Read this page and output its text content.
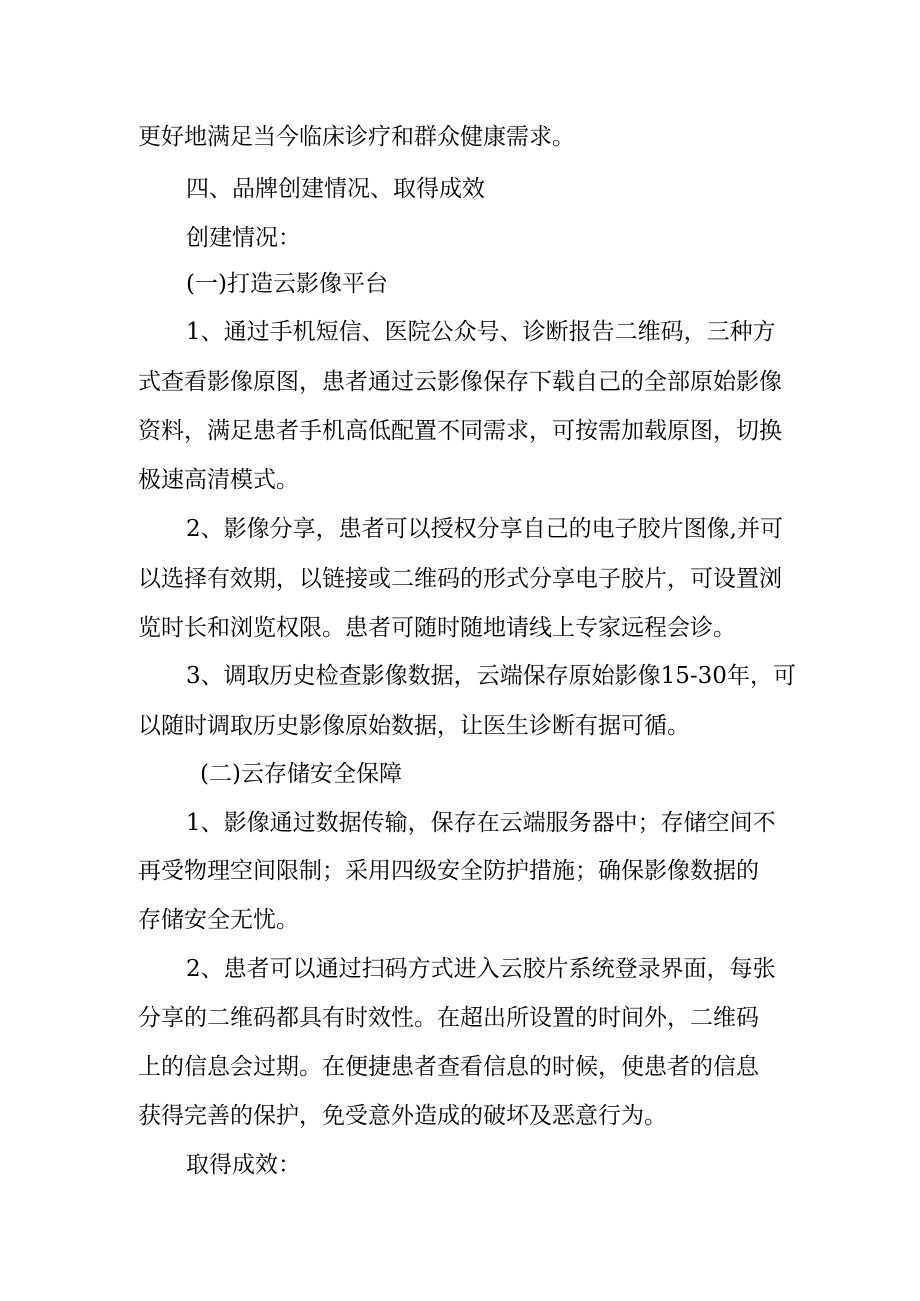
更好地满足当今临床诊疗和群众健康需求。
四、品牌创建情况、取得成效
创建情况：
(一)打造云影像平台
1、通过手机短信、医院公众号、诊断报告二维码，三种方
式查看影像原图，患者通过云影像保存下载自己的全部原始影像
资料，满足患者手机高低配置不同需求，可按需加载原图，切换
极速高清模式。
2、影像分享，患者可以授权分享自己的电子胶片图像,并可
以选择有效期，以链接或二维码的形式分享电子胶片，可设置浏
览时长和浏览权限。患者可随时随地请线上专家远程会诊。
3、调取历史检查影像数据，云端保存原始影像15-30年，可
以随时调取历史影像原始数据，让医生诊断有据可循。
(二)云存储安全保障
1、影像通过数据传输，保存在云端服务器中；存储空间不
再受物理空间限制；采用四级安全防护措施；确保影像数据的
存储安全无忧。
2、患者可以通过扫码方式进入云胶片系统登录界面，每张
分享的二维码都具有时效性。在超出所设置的时间外，二维码
上的信息会过期。在便捷患者查看信息的时候，使患者的信息
获得完善的保护，免受意外造成的破坏及恶意行为。
取得成效：
